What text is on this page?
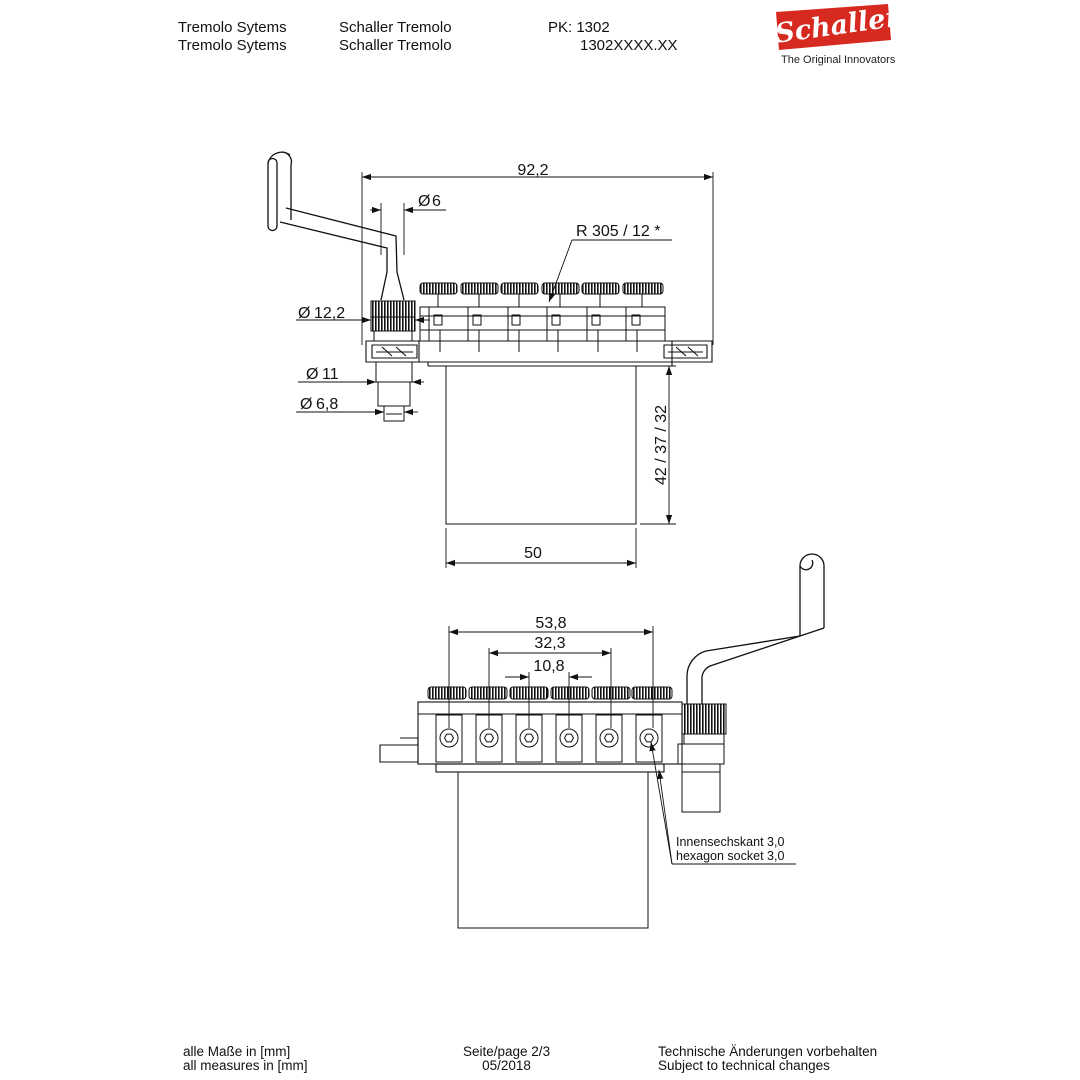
Tremolo Sytems
Tremolo Sytems
Schaller Tremolo
Schaller Tremolo
PK: 1302
1302XXXX.XX	Schaller
The Original Innovators
92,2
Ø 6
R 305 / 12 *
Ø 12,2
Ø 11
Ø 6,8
42 / 37 / 32
50
53,8
32,3
10,8
Innensechskant 3,0
hexagon socket 3,0
alle Maße in [mm]
all measures in [mm]
Seite/page 2/3
05/2018
Technische Änderungen vorbehalten
Subject to technical changes
